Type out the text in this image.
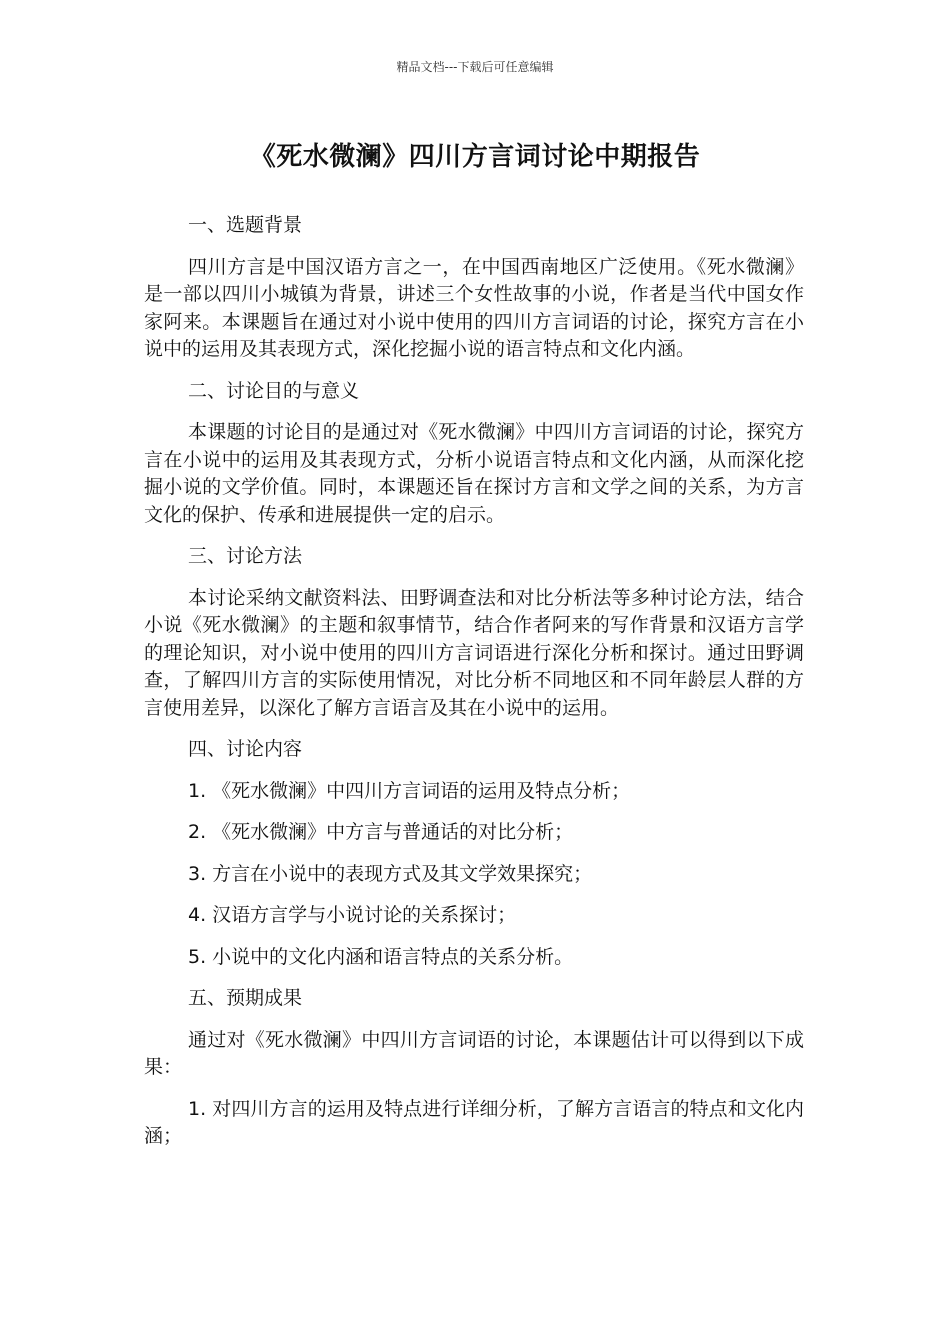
精品文档---下载后可任意编辑
《死水微澜》四川方言词讨论中期报告

一、选题背景

四川方言是中国汉语方言之一，在中国西南地区广泛使用。《死水微澜》是一部以四川小城镇为背景，讲述三个女性故事的小说，作者是当代中国女作家阿来。本课题旨在通过对小说中使用的四川方言词语的讨论，探究方言在小说中的运用及其表现方式，深化挖掘小说的语言特点和文化内涵。

二、讨论目的与意义

本课题的讨论目的是通过对《死水微澜》中四川方言词语的讨论，探究方言在小说中的运用及其表现方式，分析小说语言特点和文化内涵，从而深化挖掘小说的文学价值。同时，本课题还旨在探讨方言和文学之间的关系，为方言文化的保护、传承和进展提供一定的启示。

三、讨论方法

本讨论采纳文献资料法、田野调查法和对比分析法等多种讨论方法，结合小说《死水微澜》的主题和叙事情节，结合作者阿来的写作背景和汉语方言学的理论知识，对小说中使用的四川方言词语进行深化分析和探讨。通过田野调查，了解四川方言的实际使用情况，对比分析不同地区和不同年龄层人群的方言使用差异，以深化了解方言语言及其在小说中的运用。

四、讨论内容

1. 《死水微澜》中四川方言词语的运用及特点分析；

2. 《死水微澜》中方言与普通话的对比分析；

3. 方言在小说中的表现方式及其文学效果探究；

4. 汉语方言学与小说讨论的关系探讨；

5. 小说中的文化内涵和语言特点的关系分析。

五、预期成果

通过对《死水微澜》中四川方言词语的讨论，本课题估计可以得到以下成果：

1. 对四川方言的运用及特点进行详细分析，了解方言语言的特点和文化内涵；
